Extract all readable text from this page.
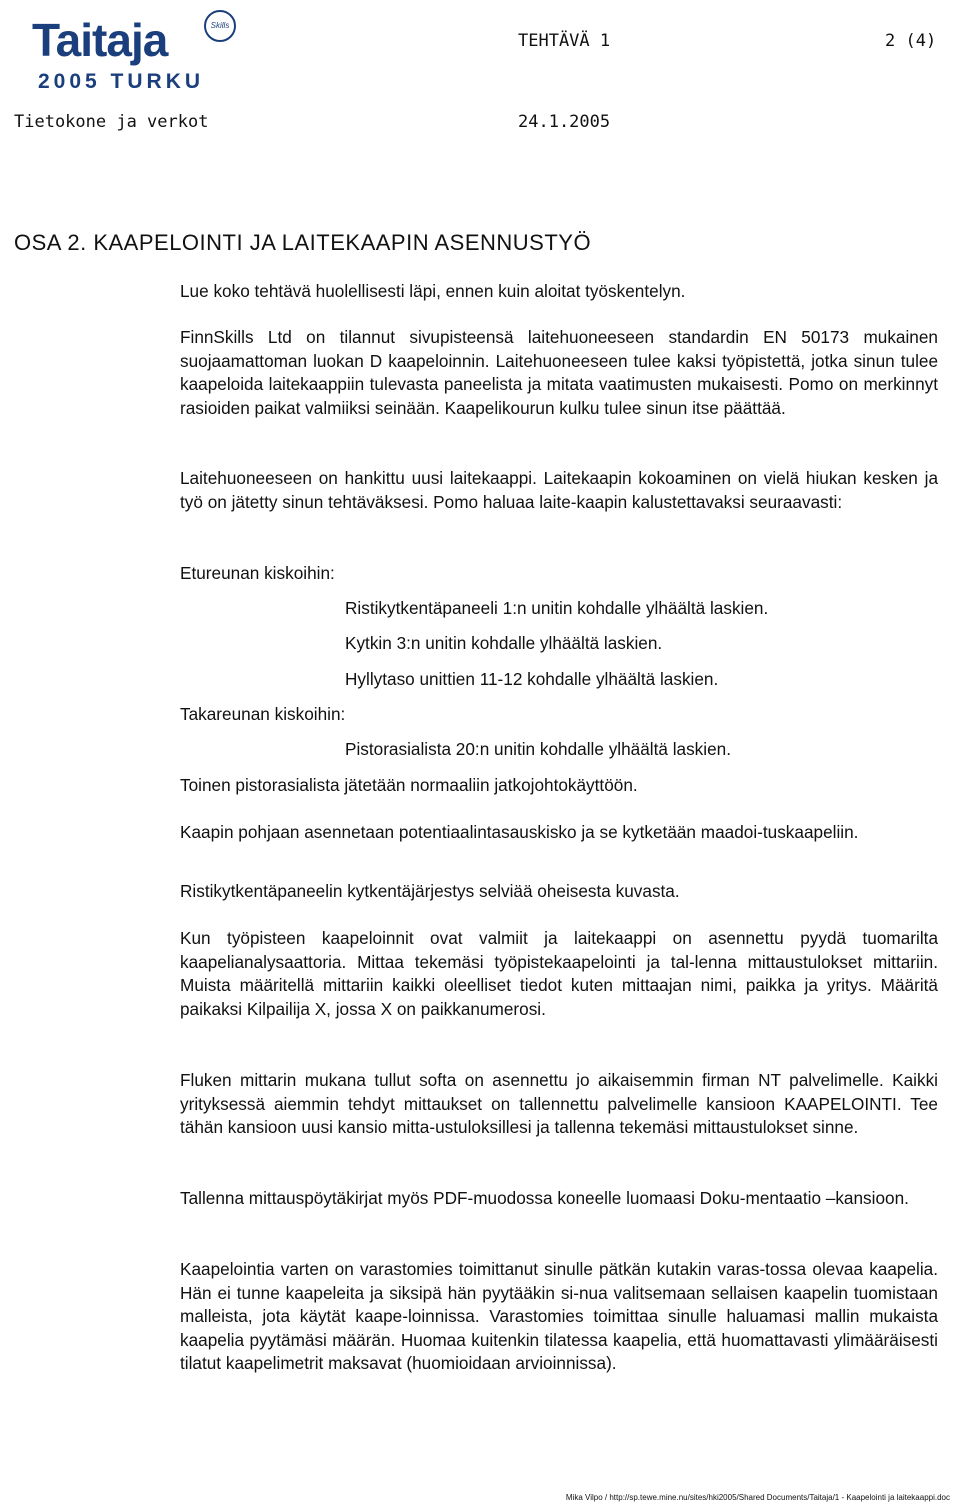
Taitaja	Skills
2005 TURKU
TEHTÄVÄ 1	2 (4)
Tietokone ja verkot	24.1.2005
OSA 2. KAAPELOINTI JA LAITEKAAPIN ASENNUSTYÖ

Lue koko tehtävä huolellisesti läpi, ennen kuin aloitat työskentelyn.

FinnSkills Ltd on tilannut sivupisteensä laitehuoneeseen standardin EN 50173 mukainen suojaamattoman luokan D kaapeloinnin. Laitehuoneeseen tulee kaksi työpistettä, jotka sinun tulee kaapeloida laitekaappiin tulevasta paneelista ja mitata vaatimusten mukaisesti. Pomo on merkinnyt rasioiden paikat valmiiksi seinään. Kaapelikourun kulku tulee sinun itse päättää.

Laitehuoneeseen on hankittu uusi laitekaappi. Laitekaapin kokoaminen on vielä hiukan kesken ja työ on jätetty sinun tehtäväksesi. Pomo haluaa laite-kaapin kalustettavaksi seuraavasti:

Etureunan kiskoihin:
Ristikytkentäpaneeli 1:n unitin kohdalle ylhäältä laskien.
Kytkin 3:n unitin kohdalle ylhäältä laskien.
Hyllytaso unittien 11-12 kohdalle ylhäältä laskien.
Takareunan kiskoihin:
Pistorasialista 20:n unitin kohdalle ylhäältä laskien.

Toinen pistorasialista jätetään normaaliin jatkojohtokäyttöön.

Kaapin pohjaan asennetaan potentiaalintasauskisko ja se kytketään maadoi-tuskaapeliin.

Ristikytkentäpaneelin kytkentäjärjestys selviää oheisesta kuvasta.

Kun työpisteen kaapeloinnit ovat valmiit ja laitekaappi on asennettu pyydä tuomarilta kaapelianalysaattoria. Mittaa tekemäsi työpistekaapelointi ja tal-lenna mittaustulokset mittariin. Muista määritellä mittariin kaikki oleelliset tiedot kuten mittaajan nimi, paikka ja yritys. Määritä paikaksi Kilpailija X, jossa X on paikkanumerosi.

Fluken mittarin mukana tullut softa on asennettu jo aikaisemmin firman NT palvelimelle. Kaikki yrityksessä aiemmin tehdyt mittaukset on tallennettu palvelimelle kansioon KAAPELOINTI. Tee tähän kansioon uusi kansio mitta-ustuloksillesi ja tallenna tekemäsi mittaustulokset sinne.

Tallenna mittauspöytäkirjat myös PDF-muodossa koneelle luomaasi Doku-mentaatio –kansioon.

Kaapelointia varten on varastomies toimittanut sinulle pätkän kutakin varas-tossa olevaa kaapelia. Hän ei tunne kaapeleita ja siksipä hän pyytääkin si-nua valitsemaan sellaisen kaapelin tuomistaan malleista, jota käytät kaape-loinnissa. Varastomies toimittaa sinulle haluamasi mallin mukaista kaapelia pyytämäsi määrän. Huomaa kuitenkin tilatessa kaapelia, että huomattavasti ylimääräisesti tilatut kaapelimetrit maksavat (huomioidaan arvioinnissa).

Mika Vilpo / http://sp.tewe.mine.nu/sites/hki2005/Shared Documents/Taitaja/1 - Kaapelointi ja laitekaappi.doc
